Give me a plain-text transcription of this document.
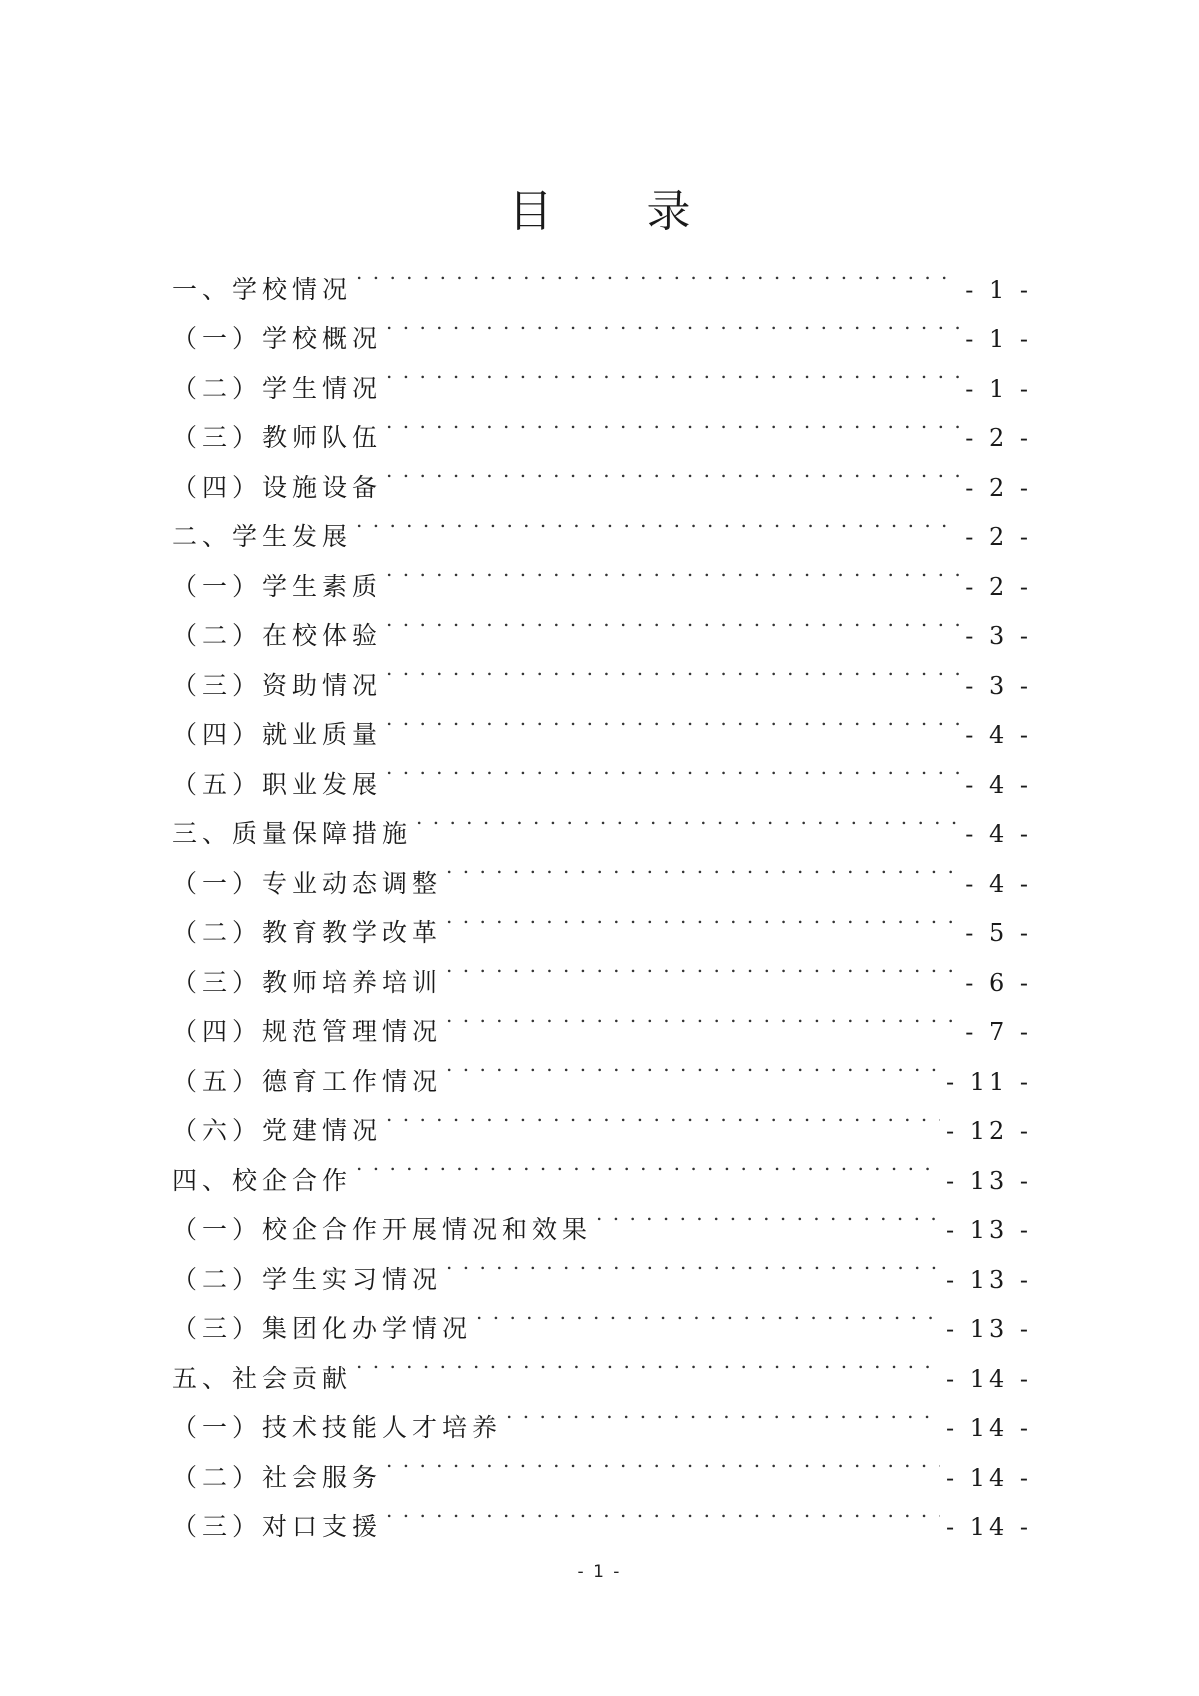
目 录
一、学校情况 . . .	- 1 -
（一）学校概况 . . .	- 1 -
（二）学生情况 . . .	- 1 -
（三）教师队伍 . . .	- 2 -
（四）设施设备 . . .	- 2 -
二、学生发展 . . .	- 2 -
（一）学生素质 . . .	- 2 -
（二）在校体验 . . .	- 3 -
（三）资助情况 . . .	- 3 -
（四）就业质量 . . .	- 4 -
（五）职业发展 . . .	- 4 -
三、质量保障措施 . . .	- 4 -
（一）专业动态调整 . . .	- 4 -
（二）教育教学改革 . . .	- 5 -
（三）教师培养培训 . . .	- 6 -
（四）规范管理情况 . . .	- 7 -
（五）德育工作情况 . . .	- 11 -
（六）党建情况 . . .	- 12 -
四、校企合作 . . .	- 13 -
（一）校企合作开展情况和效果 . . .	- 13 -
（二）学生实习情况 . . .	- 13 -
（三）集团化办学情况 . . .	- 13 -
五、社会贡献 . . .	- 14 -
（一）技术技能人才培养 . . .	- 14 -
（二）社会服务 . . .	- 14 -
（三）对口支援 . . .	- 14 -
- 1 -
